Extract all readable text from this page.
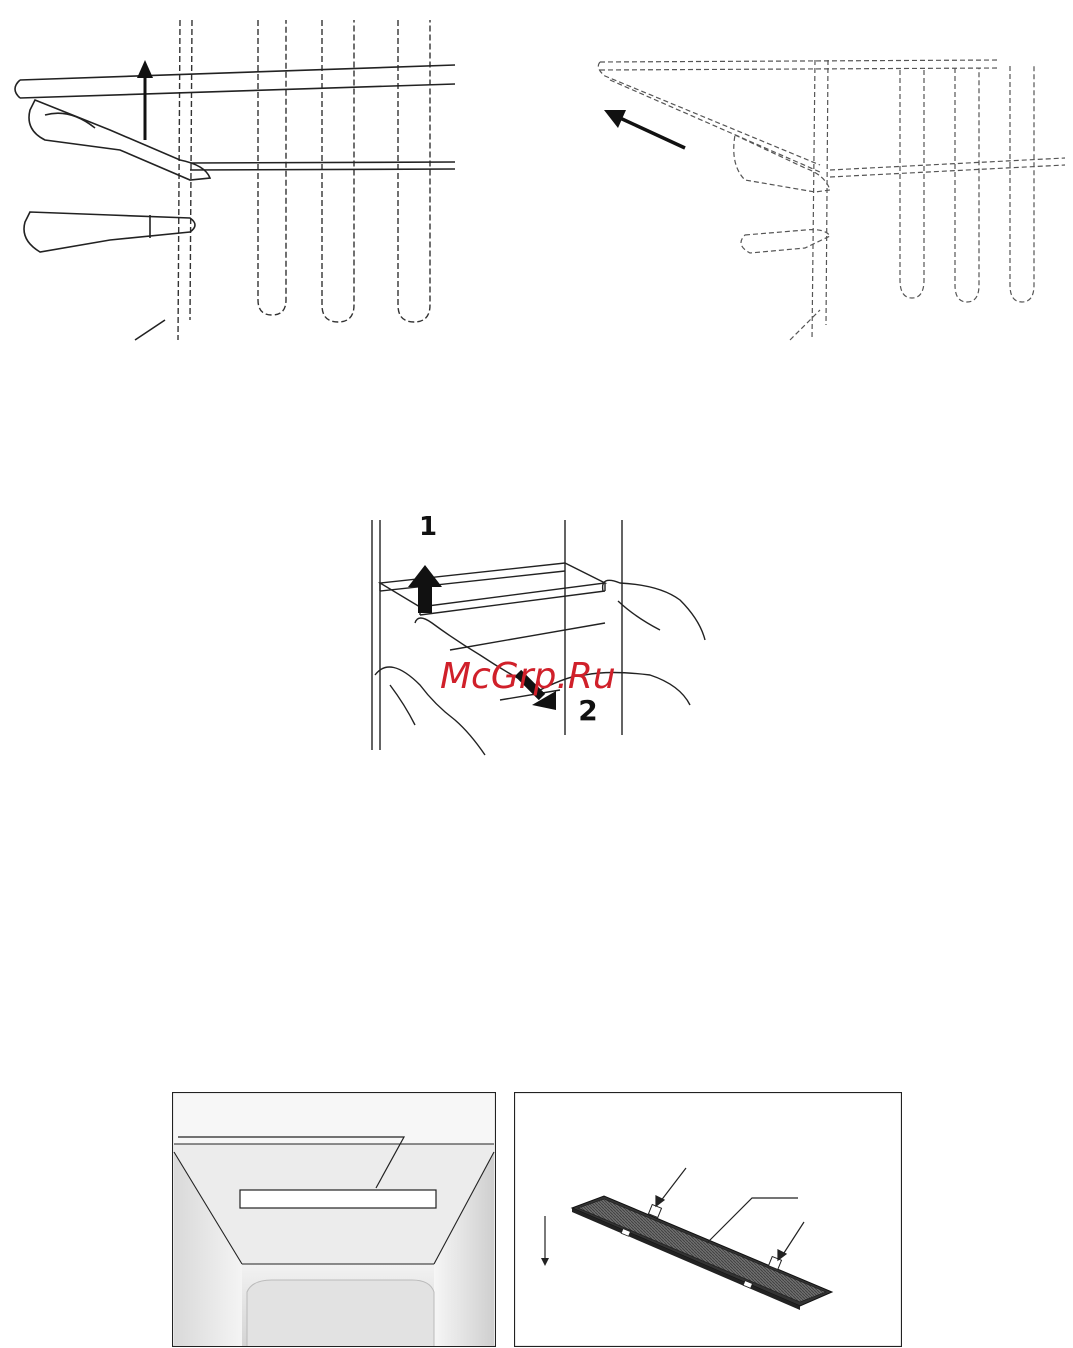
1
2
McGrp.Ru
